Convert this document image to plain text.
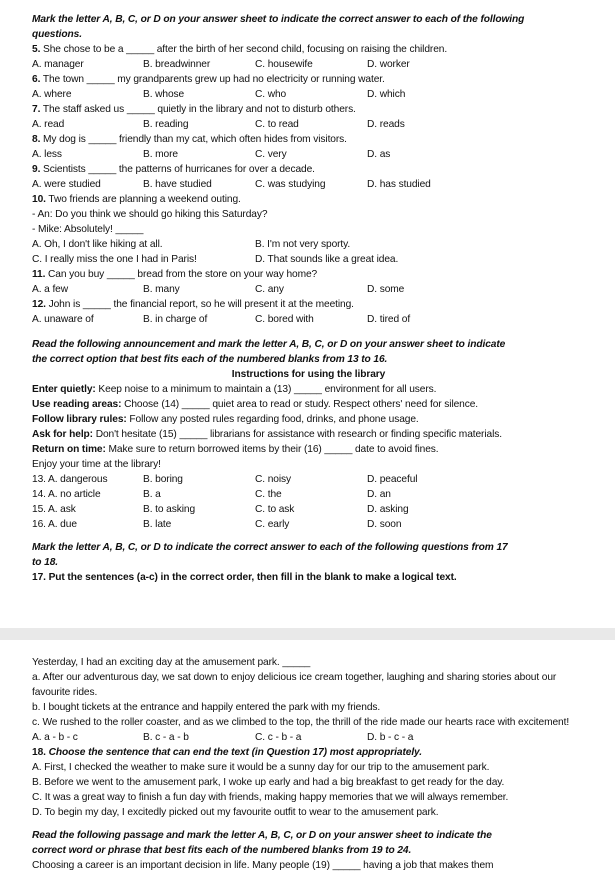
Mark the letter A, B, C, or D on your answer sheet to indicate the correct answer to each of the following
questions.
5. She chose to be a _____ after the birth of her second child, focusing on raising the children.
A. manager	B. breadwinner	C. housewife	D. worker
6. The town _____ my grandparents grew up had no electricity or running water.
A. where	B. whose	C. who	D. which
7. The staff asked us _____ quietly in the library and not to disturb others.
A. read	B. reading	C. to read	D. reads
8. My dog is _____ friendly than my cat, which often hides from visitors.
A. less	B. more	C. very	D. as
9. Scientists _____ the patterns of hurricanes for over a decade.
A. were studied	B. have studied	C. was studying	D. has studied
10. Two friends are planning a weekend outing.
- An: Do you think we should go hiking this Saturday?
- Mike: Absolutely! _____
A. Oh, I don't like hiking at all.	B. I'm not very sporty.
C. I really miss the one I had in Paris!	D. That sounds like a great idea.
11. Can you buy _____ bread from the store on your way home?
A. a few	B. many	C. any	D. some
12. John is _____ the financial report, so he will present it at the meeting.
A. unaware of	B. in charge of	C. bored with	D. tired of
Read the following announcement and mark the letter A, B, C, or D on your answer sheet to indicate
the correct option that best fits each of the numbered blanks from 13 to 16.
Instructions for using the library
Enter quietly: Keep noise to a minimum to maintain a (13) _____ environment for all users.
Use reading areas: Choose (14) _____ quiet area to read or study. Respect others' need for silence.
Follow library rules: Follow any posted rules regarding food, drinks, and phone usage.
Ask for help: Don't hesitate (15) _____ librarians for assistance with research or finding specific materials.
Return on time: Make sure to return borrowed items by their (16) _____ date to avoid fines.
Enjoy your time at the library!
13. A. dangerous	B. boring	C. noisy	D. peaceful
14. A. no article	B. a	C. the	D. an
15. A. ask	B. to asking	C. to ask	D. asking
16. A. due	B. late	C. early	D. soon
Mark the letter A, B, C, or D to indicate the correct answer to each of the following questions from 17
to 18.
17. Put the sentences (a-c) in the correct order, then fill in the blank to make a logical text.
Yesterday, I had an exciting day at the amusement park. _____
a. After our adventurous day, we sat down to enjoy delicious ice cream together, laughing and sharing stories about our favourite rides.
b. I bought tickets at the entrance and happily entered the park with my friends.
c. We rushed to the roller coaster, and as we climbed to the top, the thrill of the ride made our hearts race with excitement!
A. a - b - c	B. c - a - b	C. c - b - a	D. b - c - a
18. Choose the sentence that can end the text (in Question 17) most appropriately.
A. First, I checked the weather to make sure it would be a sunny day for our trip to the amusement park.
B. Before we went to the amusement park, I woke up early and had a big breakfast to get ready for the day.
C. It was a great way to finish a fun day with friends, making happy memories that we will always remember.
D. To begin my day, I excitedly picked out my favourite outfit to wear to the amusement park.
Read the following passage and mark the letter A, B, C, or D on your answer sheet to indicate the
correct word or phrase that best fits each of the numbered blanks from 19 to 24.
Choosing a career is an important decision in life. Many people (19) _____ having a job that makes them
